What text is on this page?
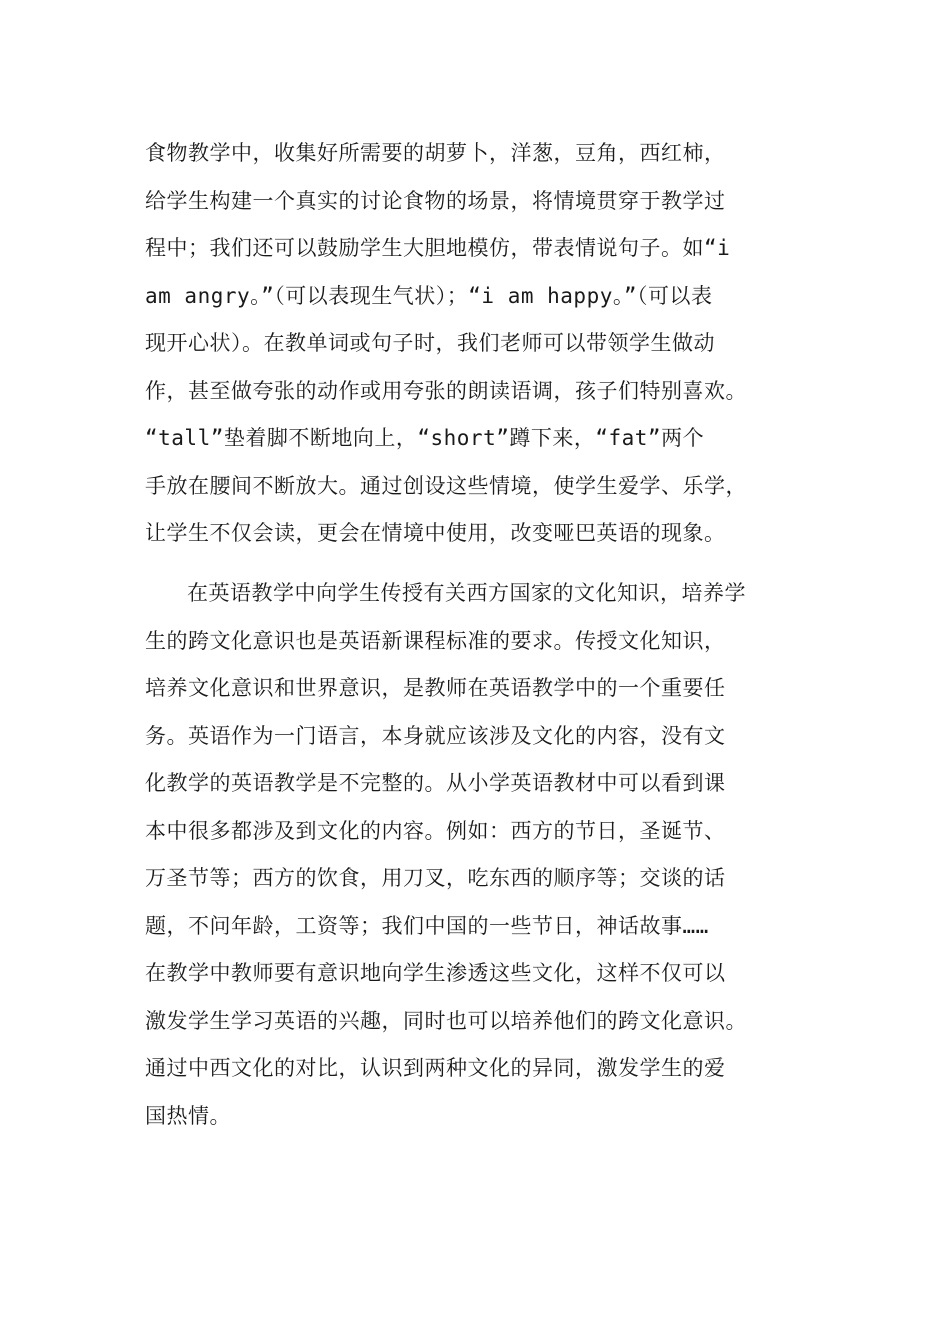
食物教学中，收集好所需要的胡萝卜，洋葱，豆角，西红柿，
给学生构建一个真实的讨论食物的场景，将情境贯穿于教学过
程中；我们还可以鼓励学生大胆地模仿，带表情说句子。如“i
am angry。”（可以表现生气状）；“i am happy。”（可以表
现开心状）。在教单词或句子时，我们老师可以带领学生做动
作，甚至做夸张的动作或用夸张的朗读语调，孩子们特别喜欢。
“tall”垫着脚不断地向上，“short”蹲下来，“fat”两个
手放在腰间不断放大。通过创设这些情境，使学生爱学、乐学，
让学生不仅会读，更会在情境中使用，改变哑巴英语的现象。
在英语教学中向学生传授有关西方国家的文化知识，培养学
生的跨文化意识也是英语新课程标准的要求。传授文化知识，
培养文化意识和世界意识，是教师在英语教学中的一个重要任
务。英语作为一门语言，本身就应该涉及文化的内容，没有文
化教学的英语教学是不完整的。从小学英语教材中可以看到课
本中很多都涉及到文化的内容。例如：西方的节日，圣诞节、
万圣节等；西方的饮食，用刀叉，吃东西的顺序等；交谈的话
题，不问年龄，工资等；我们中国的一些节日，神话故事……
在教学中教师要有意识地向学生渗透这些文化，这样不仅可以
激发学生学习英语的兴趣，同时也可以培养他们的跨文化意识。
通过中西文化的对比，认识到两种文化的异同，激发学生的爱
国热情。
